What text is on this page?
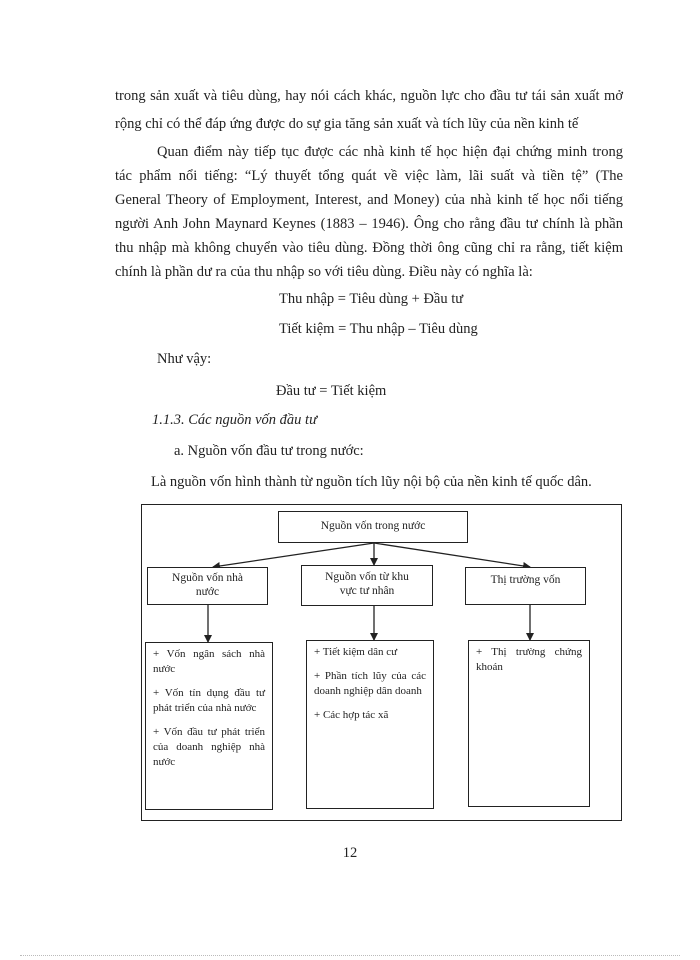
trong sản xuất và tiêu dùng, hay nói cách khác, nguồn lực cho đầu tư tái sản xuất mở
rộng chỉ có thể đáp ứng được do sự gia tăng sản xuất và tích lũy của nền kinh tế
Quan điểm này tiếp tục được các nhà kinh tế học hiện đại chứng minh trong
tác phẩm nổi tiếng: “Lý thuyết tổng quát về việc làm, lãi suất và tiền tệ” (The
General Theory of Employment, Interest, and Money) của nhà kinh tế học nổi tiếng
người Anh John Maynard Keynes (1883 – 1946). Ông cho rằng đầu tư chính là phần
thu nhập mà không chuyển vào tiêu dùng. Đồng thời ông cũng chỉ ra rằng, tiết kiệm
chính là phần dư ra của thu nhập so với tiêu dùng. Điều này có nghĩa là:
Thu nhập = Tiêu dùng + Đầu tư
Tiết kiệm = Thu nhập – Tiêu dùng
Như vậy:
Đầu tư = Tiết kiệm
1.1.3. Các nguồn vốn đầu tư
a. Nguồn vốn đầu tư trong nước:
Là nguồn vốn hình thành từ nguồn tích lũy nội bộ của nền kinh tế quốc dân.
Nguồn vốn trong nước
Nguồn vốn nhà
nước
Nguồn vốn từ khu
vực tư nhân
Thị trường vốn

+ Vốn ngân sách nhà nước

+ Vốn tín dụng đầu tư phát triển của nhà nước

+ Vốn đầu tư phát triển của doanh nghiệp nhà nước

+ Tiết kiệm dân cư

+ Phần tích lũy của các doanh nghiệp dân doanh

+ Các hợp tác xã

+ Thị trường chứng khoán

12
